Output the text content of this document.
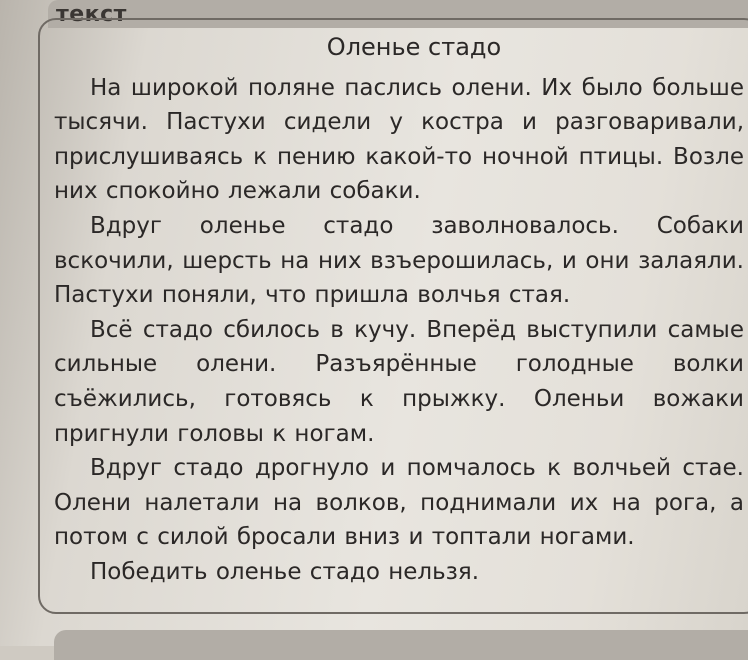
текст
Оленье стадо

На широкой поляне паслись олени. Их было больше тысячи. Пастухи сидели у костра и разговаривали, прислушиваясь к пению какой-то ночной птицы. Возле них спокойно лежали собаки.

Вдруг оленье стадо заволновалось. Собаки вскочили, шерсть на них взъерошилась, и они залаяли. Пастухи поняли, что пришла волчья стая.

Всё стадо сбилось в кучу. Вперёд выступили самые сильные олени. Разъярённые голодные волки съёжились, готовясь к прыжку. Оленьи вожаки пригнули головы к ногам.

Вдруг стадо дрогнуло и помчалось к волчьей стае. Олени налетали на волков, поднимали их на рога, а потом с силой бросали вниз и топтали ногами.

Победить оленье стадо нельзя.
